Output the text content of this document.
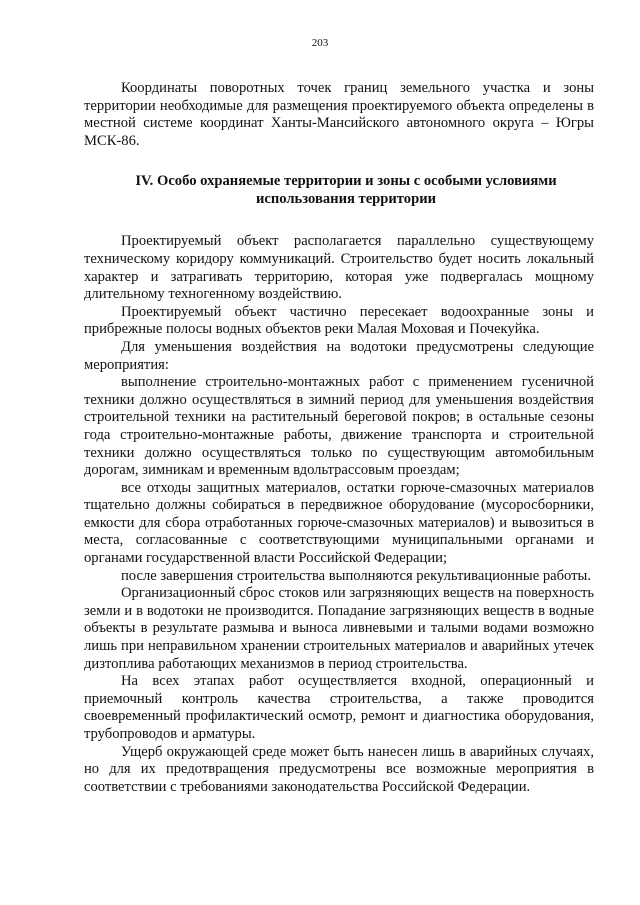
203

Координаты поворотных точек границ земельного участка и зоны территории необходимые для размещения проектируемого объекта определены в местной системе координат Ханты-Мансийского автономного округа – Югры МСК-86.

IV. Особо охраняемые территории и зоны с особыми условиями использования территории

Проектируемый объект располагается параллельно существующему техническому коридору коммуникаций. Строительство будет носить локальный характер и затрагивать территорию, которая уже подвергалась мощному длительному техногенному воздействию.

Проектируемый объект частично пересекает водоохранные зоны и прибрежные полосы водных объектов реки Малая Моховая и Почекуйка.

Для уменьшения воздействия на водотоки предусмотрены следующие мероприятия:

выполнение строительно-монтажных работ с применением гусеничной техники должно осуществляться в зимний период для уменьшения воздействия строительной техники на растительный береговой покров; в остальные сезоны года строительно-монтажные работы, движение транспорта и строительной техники должно осуществляться только по существующим автомобильным дорогам, зимникам и временным вдольтрассовым проездам;

все отходы защитных материалов, остатки горюче-смазочных материалов тщательно должны собираться в передвижное оборудование (мусоросборники, емкости для сбора отработанных горюче-смазочных материалов) и вывозиться в места, согласованные с соответствующими муниципальными органами и органами государственной власти Российской Федерации;

после завершения строительства выполняются рекультивационные работы.

Организационный сброс стоков или загрязняющих веществ на поверхность земли и в водотоки не производится. Попадание загрязняющих веществ в водные объекты в результате размыва и выноса ливневыми и талыми водами возможно лишь при неправильном хранении строительных материалов и аварийных утечек дизтоплива работающих механизмов в период строительства.

На всех этапах работ осуществляется входной, операционный и приемочный контроль качества строительства, а также проводится своевременный профилактический осмотр, ремонт и диагностика оборудования, трубопроводов и арматуры.

Ущерб окружающей среде может быть нанесен лишь в аварийных случаях, но для их предотвращения предусмотрены все возможные мероприятия в соответствии с требованиями законодательства Российской Федерации.
